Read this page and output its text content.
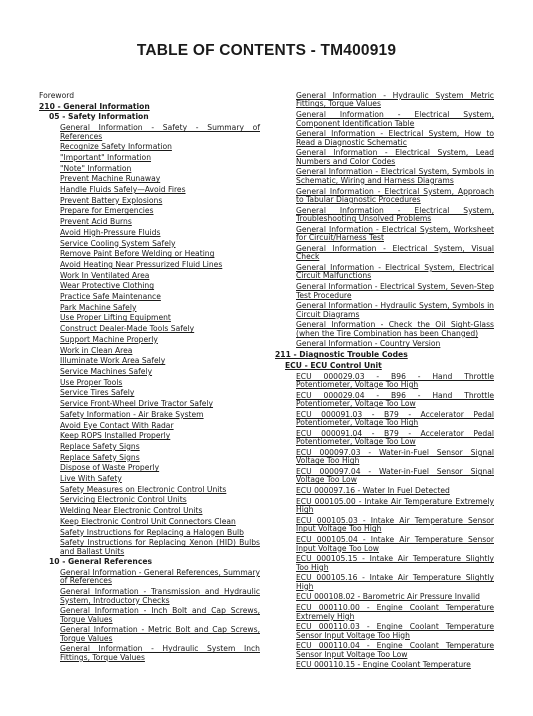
TABLE OF CONTENTS - TM400919
Foreword
210 - General Information
05 - Safety Information
General Information - Safety - Summary of References
Recognize Safety Information
"Important" Information
"Note" Information
Prevent Machine Runaway
Handle Fluids Safely—Avoid Fires
Prevent Battery Explosions
Prepare for Emergencies
Prevent Acid Burns
Avoid High-Pressure Fluids
Service Cooling System Safely
Remove Paint Before Welding or Heating
Avoid Heating Near Pressurized Fluid Lines
Work In Ventilated Area
Wear Protective Clothing
Practice Safe Maintenance
Park Machine Safely
Use Proper Lifting Equipment
Construct Dealer-Made Tools Safely
Support Machine Properly
Work in Clean Area
Illuminate Work Area Safely
Service Machines Safely
Use Proper Tools
Service Tires Safely
Service Front-Wheel Drive Tractor Safely
Safety Information - Air Brake System
Avoid Eye Contact With Radar
Keep ROPS Installed Properly
Replace Safety Signs
Replace Safety Signs
Dispose of Waste Properly
Live With Safety
Safety Measures on Electronic Control Units
Servicing Electronic Control Units
Welding Near Electronic Control Units
Keep Electronic Control Unit Connectors Clean
Safety Instructions for Replacing a Halogen Bulb
Safety Instructions for Replacing Xenon (HID) Bulbs and Ballast Units
10 - General References
General Information - General References, Summary of References
General Information - Transmission and Hydraulic System, Introductory Checks
General Information - Inch Bolt and Cap Screws, Torque Values
General Information - Metric Bolt and Cap Screws, Torque Values
General Information - Hydraulic System Inch Fittings, Torque Values
General Information - Hydraulic System Metric Fittings, Torque Values
General Information - Electrical System, Component Identification Table
General Information - Electrical System, How to Read a Diagnostic Schematic
General Information - Electrical System, Lead Numbers and Color Codes
General Information - Electrical System, Symbols in Schematic, Wiring and Harness Diagrams
General Information - Electrical System, Approach to Tabular Diagnostic Procedures
General Information - Electrical System, Troubleshooting Unsolved Problems
General Information - Electrical System, Worksheet for Circuit/Harness Test
General Information - Electrical System, Visual Check
General Information - Electrical System, Electrical Circuit Malfunctions
General Information - Electrical System, Seven-Step Test Procedure
General Information - Hydraulic System, Symbols in Circuit Diagrams
General Information - Check the Oil Sight-Glass (when the Tire Combination has been Changed)
General Information - Country Version
211 - Diagnostic Trouble Codes
ECU - ECU Control Unit
ECU 000029.03 - B96 - Hand Throttle Potentiometer, Voltage Too High
ECU 000029.04 - B96 - Hand Throttle Potentiometer, Voltage Too Low
ECU 000091.03 - B79 - Accelerator Pedal Potentiometer, Voltage Too High
ECU 000091.04 - B79 - Accelerator Pedal Potentiometer, Voltage Too Low
ECU 000097.03 - Water-in-Fuel Sensor Signal Voltage Too High
ECU 000097.04 - Water-in-Fuel Sensor Signal Voltage Too Low
ECU 000097.16 - Water In Fuel Detected
ECU 000105.00 - Intake Air Temperature Extremely High
ECU 000105.03 - Intake Air Temperature Sensor Input Voltage Too High
ECU 000105.04 - Intake Air Temperature Sensor Input Voltage Too Low
ECU 000105.15 - Intake Air Temperature Slightly Too High
ECU 000105.16 - Intake Air Temperature Slightly High
ECU 000108.02 - Barometric Air Pressure Invalid
ECU 000110.00 - Engine Coolant Temperature Extremely High
ECU 000110.03 - Engine Coolant Temperature Sensor Input Voltage Too High
ECU 000110.04 - Engine Coolant Temperature Sensor Input Voltage Too Low
ECU 000110.15 - Engine Coolant Temperature
